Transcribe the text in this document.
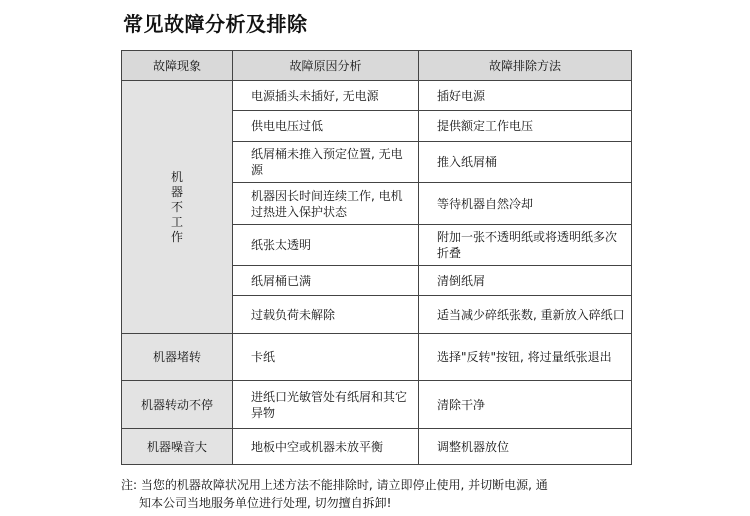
常见故障分析及排除
故障现象	故障原因分析	故障排除方法
机器不工作	电源插头未插好, 无电源	插好电源
	供电电压过低	提供额定工作电压
	纸屑桶未推入预定位置, 无电源	推入纸屑桶
	机器因长时间连续工作, 电机过热进入保护状态	等待机器自然冷却
	纸张太透明	附加一张不透明纸或将透明纸多次折叠
	纸屑桶已满	清倒纸屑
	过载负荷未解除	适当减少碎纸张数, 重新放入碎纸口
机器堵转	卡纸	选择"反转"按钮, 将过量纸张退出
机器转动不停	进纸口光敏管处有纸屑和其它异物	清除干净
机器噪音大	地板中空或机器未放平衡	调整机器放位
注: 当您的机器故障状况用上述方法不能排除时, 请立即停止使用, 并切断电源, 通
知本公司当地服务单位进行处理, 切勿擅自拆卸!
